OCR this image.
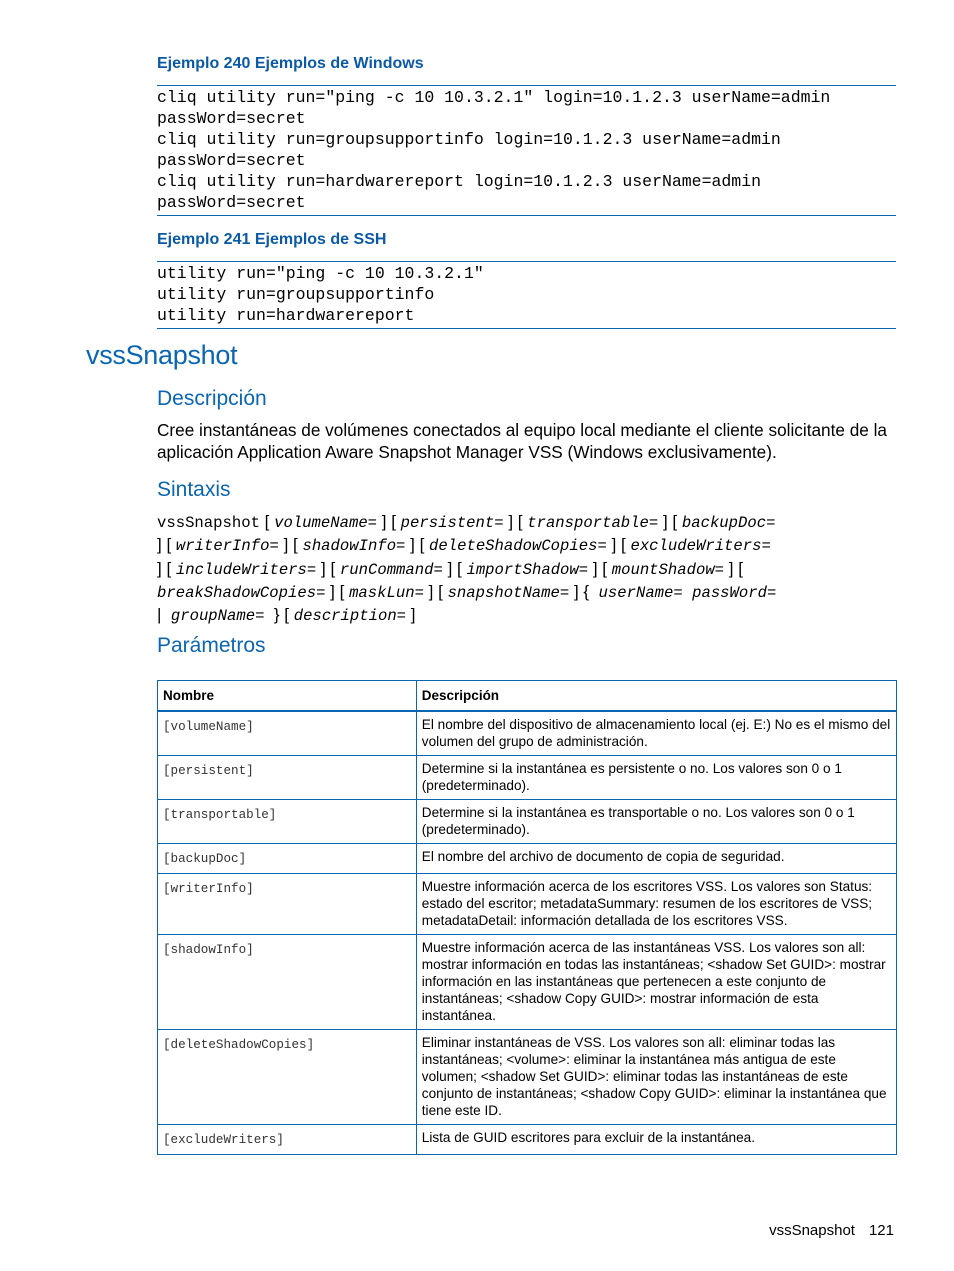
Ejemplo 240 Ejemplos de Windows
cliq utility run="ping -c 10 10.3.2.1" login=10.1.2.3 userName=admin
passWord=secret
cliq utility run=groupsupportinfo login=10.1.2.3 userName=admin
passWord=secret
cliq utility run=hardwarereport login=10.1.2.3 userName=admin
passWord=secret
Ejemplo 241 Ejemplos de SSH
utility run="ping -c 10 10.3.2.1"
utility run=groupsupportinfo
utility run=hardwarereport
vssSnapshot
Descripción
Cree instantáneas de volúmenes conectados al equipo local mediante el cliente solicitante de la aplicación Application Aware Snapshot Manager VSS (Windows exclusivamente).
Sintaxis
vssSnapshot [ volumeName= ] [ persistent= ] [ transportable= ] [ backupDoc=
] [ writerInfo= ] [ shadowInfo= ] [ deleteShadowCopies= ] [ excludeWriters=
] [ includeWriters= ] [ runCommand= ] [ importShadow= ] [ mountShadow= ] [
breakShadowCopies= ] [ maskLun= ] [ snapshotName= ] {  userName= passWord=
|  groupName=  } [ description= ]
Parámetros
Nombre	Descripción
[volumeName]	El nombre del dispositivo de almacenamiento local (ej. E:) No es el mismo del volumen del grupo de administración.
[persistent]	Determine si la instantánea es persistente o no. Los valores son 0 o 1 (predeterminado).
[transportable]	Determine si la instantánea es transportable o no. Los valores son 0 o 1 (predeterminado).
[backupDoc]	El nombre del archivo de documento de copia de seguridad.
[writerInfo]	Muestre información acerca de los escritores VSS. Los valores son Status: estado del escritor; metadataSummary: resumen de los escritores de VSS; metadataDetail: información detallada de los escritores VSS.
[shadowInfo]	Muestre información acerca de las instantáneas VSS. Los valores son all: mostrar información en todas las instantáneas; <shadow Set GUID>: mostrar información en las instantáneas que pertenecen a este conjunto de instantáneas; <shadow Copy GUID>: mostrar información de esta instantánea.
[deleteShadowCopies]	Eliminar instantáneas de VSS. Los valores son all: eliminar todas las instantáneas; <volume>: eliminar la instantánea más antigua de este volumen; <shadow Set GUID>: eliminar todas las instantáneas de este conjunto de instantáneas; <shadow Copy GUID>: eliminar la instantánea que tiene este ID.
[excludeWriters]	Lista de GUID escritores para excluir de la instantánea.
vssSnapshot 121
